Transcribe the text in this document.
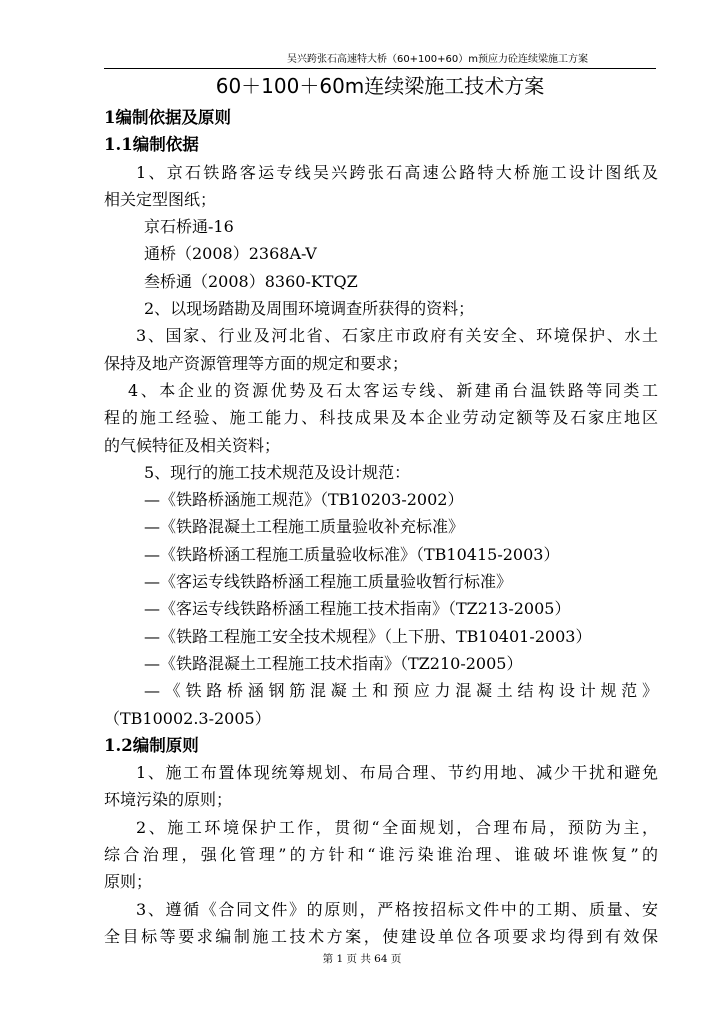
吴兴跨张石高速特大桥（60+100+60）m预应力砼连续梁施工方案
60＋100＋60m连续梁施工技术方案
1编制依据及原则
1.1编制依据
1、京石铁路客运专线吴兴跨张石高速公路特大桥施工设计图纸及
相关定型图纸；
京石桥通-16
通桥（2008）2368A-V
叁桥通（2008）8360-KTQZ
2、以现场踏勘及周围环境调查所获得的资料；
3、国家、行业及河北省、石家庄市政府有关安全、环境保护、水土
保持及地产资源管理等方面的规定和要求；
4、本企业的资源优势及石太客运专线、新建甬台温铁路等同类工
程的施工经验、施工能力、科技成果及本企业劳动定额等及石家庄地区
的气候特征及相关资料；
5、现行的施工技术规范及设计规范：
—《铁路桥涵施工规范》（TB10203-2002）
—《铁路混凝土工程施工质量验收补充标准》
—《铁路桥涵工程施工质量验收标准》（TB10415-2003）
—《客运专线铁路桥涵工程施工质量验收暂行标准》
—《客运专线铁路桥涵工程施工技术指南》（TZ213-2005）
—《铁路工程施工安全技术规程》（上下册、TB10401-2003）
—《铁路混凝土工程施工技术指南》（TZ210-2005）
—《铁路桥涵钢筋混凝土和预应力混凝土结构设计规范》
（TB10002.3-2005）
1.2编制原则
1、施工布置体现统筹规划、布局合理、节约用地、减少干扰和避免
环境污染的原则；
2、施工环境保护工作，贯彻“全面规划，合理布局，预防为主，
综合治理，强化管理”的方针和“谁污染谁治理、谁破坏谁恢复”的
原则；
3、遵循《合同文件》的原则，严格按招标文件中的工期、质量、安
全目标等要求编制施工技术方案，使建设单位各项要求均得到有效保
第 1 页 共 64 页
